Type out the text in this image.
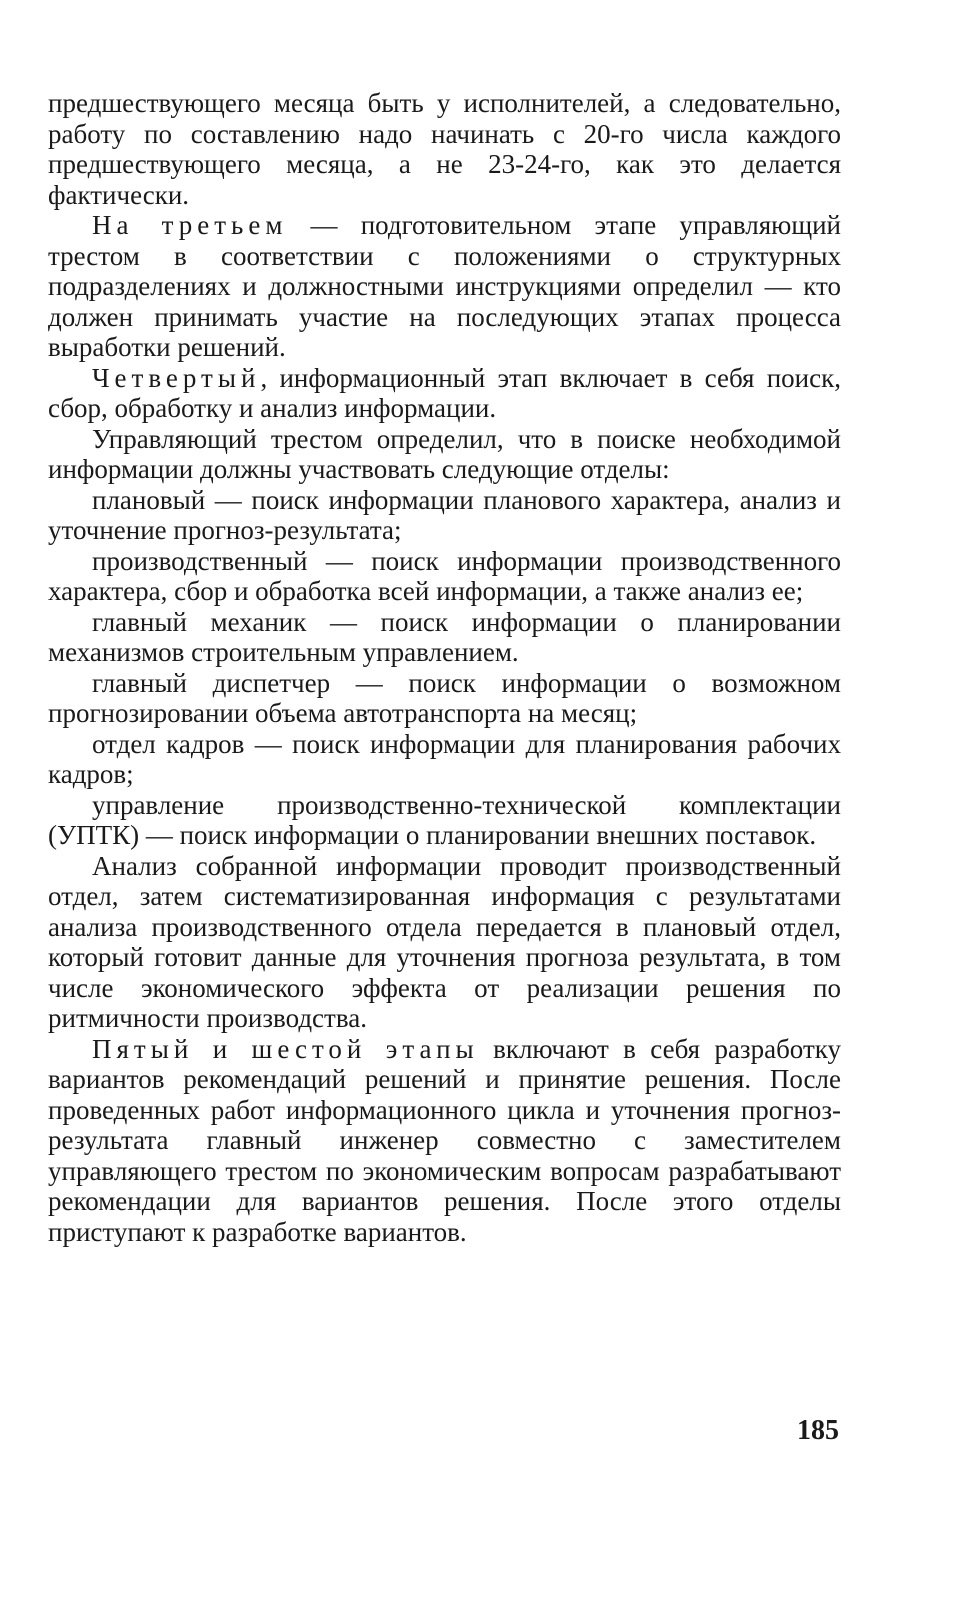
предшествующего месяца быть у исполнителей, а следовательно, работу по составлению надо начинать с 20-го числа каждого предшествующего месяца, а не 23-24-го, как это делается фактически.

На третьем — подготовительном этапе управляющий трестом в соответствии с положениями о структурных подразделениях и должностными инструкциями определил — кто должен принимать участие на последующих этапах процесса выработки решений.

Четвертый, информационный этап включает в себя поиск, сбор, обработку и анализ информации.

Управляющий трестом определил, что в поиске необходимой информации должны участвовать следующие отделы:

плановый — поиск информации планового характера, анализ и уточнение прогноз-результата;

производственный — поиск информации производственного характера, сбор и обработка всей информации, а также анализ ее;

главный механик — поиск информации о планировании механизмов строительным управлением.

главный диспетчер — поиск информации о возможном прогнозировании объема автотранспорта на месяц;

отдел кадров — поиск информации для планирования рабочих кадров;

управление производственно-технической комплектации (УПТК) — поиск информации о планировании внешних поставок.

Анализ собранной информации проводит производственный отдел, затем систематизированная информация с результатами анализа производственного отдела передается в плановый отдел, который готовит данные для уточнения прогноза результата, в том числе экономического эффекта от реализации решения по ритмичности производства.

Пятый и шестой этапы включают в себя разработку вариантов рекомендаций решений и принятие решения. После проведенных работ информационного цикла и уточнения прогноз-результата главный инженер совместно с заместителем управляющего трестом по экономическим вопросам разрабатывают рекомендации для вариантов решения. После этого отделы приступают к разработке вариантов.

185
